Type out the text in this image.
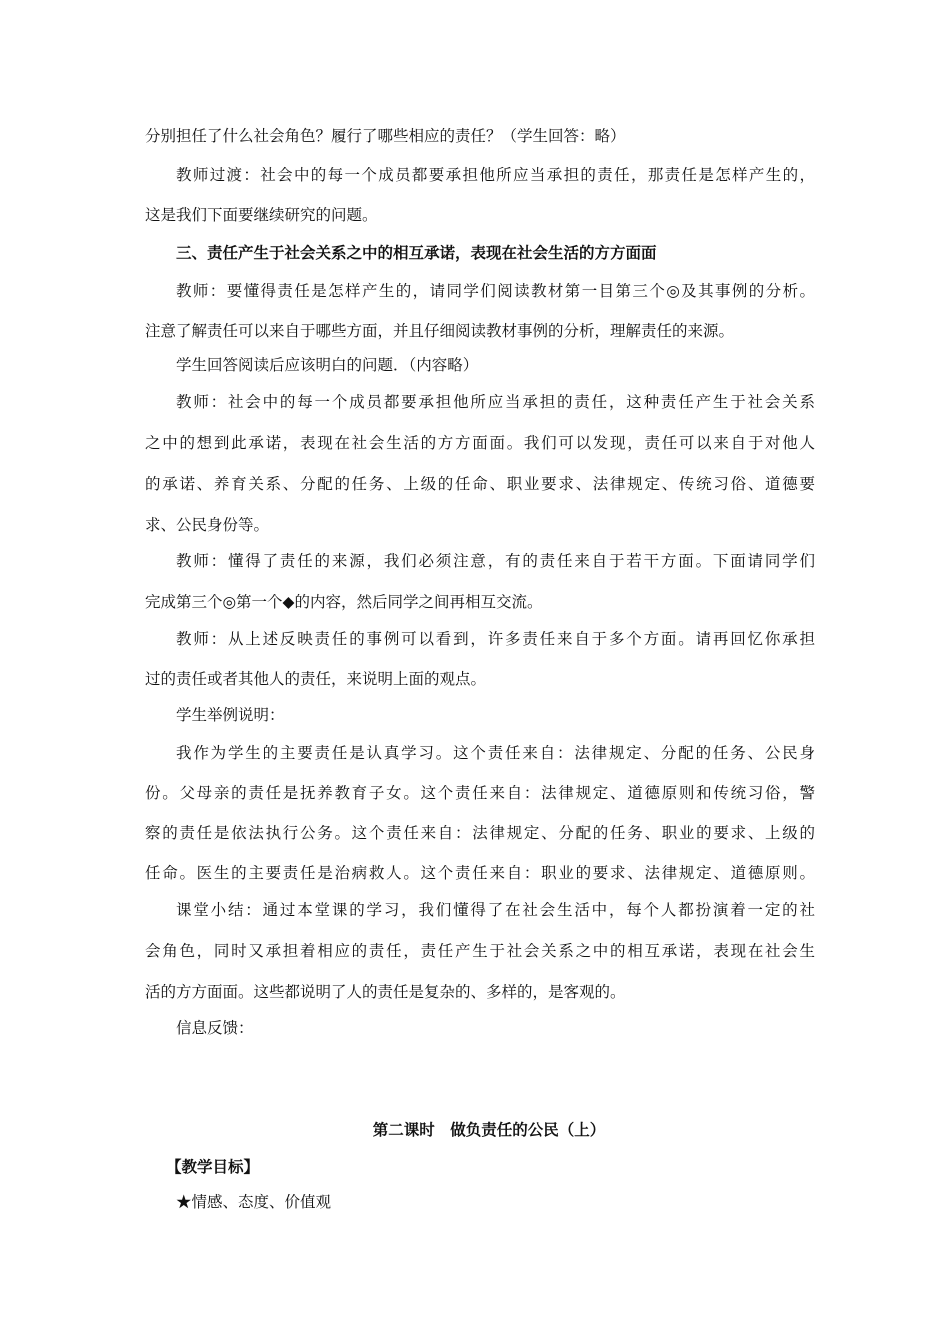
分别担任了什么社会角色？履行了哪些相应的责任？（学生回答：略）
教师过渡：社会中的每一个成员都要承担他所应当承担的责任，那责任是怎样产生的，
这是我们下面要继续研究的问题。
三、责任产生于社会关系之中的相互承诺，表现在社会生活的方方面面
教师：要懂得责任是怎样产生的，请同学们阅读教材第一目第三个◎及其事例的分析。
注意了解责任可以来自于哪些方面，并且仔细阅读教材事例的分析，理解责任的来源。
学生回答阅读后应该明白的问题．（内容略）
教师：社会中的每一个成员都要承担他所应当承担的责任，这种责任产生于社会关系
之中的想到此承诺，表现在社会生活的方方面面。我们可以发现，责任可以来自于对他人
的承诺、养育关系、分配的任务、上级的任命、职业要求、法律规定、传统习俗、道德要
求、公民身份等。
教师：懂得了责任的来源，我们必须注意，有的责任来自于若干方面。下面请同学们
完成第三个◎第一个◆的内容，然后同学之间再相互交流。
教师：从上述反映责任的事例可以看到，许多责任来自于多个方面。请再回忆你承担
过的责任或者其他人的责任，来说明上面的观点。
学生举例说明：
我作为学生的主要责任是认真学习。这个责任来自：法律规定、分配的任务、公民身
份。父母亲的责任是抚养教育子女。这个责任来自：法律规定、道德原则和传统习俗，警
察的责任是依法执行公务。这个责任来自：法律规定、分配的任务、职业的要求、上级的
任命。医生的主要责任是治病救人。这个责任来自：职业的要求、法律规定、道德原则。
课堂小结：通过本堂课的学习，我们懂得了在社会生活中，每个人都扮演着一定的社
会角色，同时又承担着相应的责任，责任产生于社会关系之中的相互承诺，表现在社会生
活的方方面面。这些都说明了人的责任是复杂的、多样的，是客观的。
信息反馈：
第二课时　做负责任的公民（上）
【教学目标】
★情感、态度、价值观
